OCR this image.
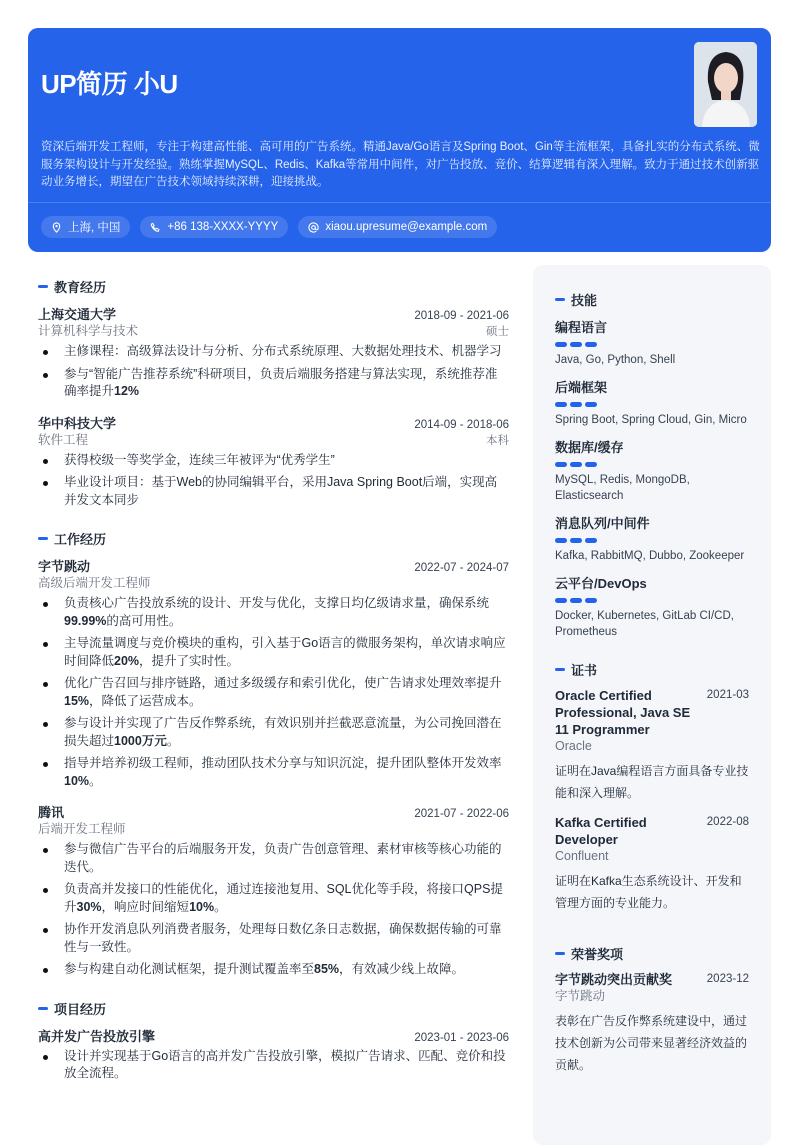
UP简历 小U
资深后端开发工程师，专注于构建高性能、高可用的广告系统。精通Java/Go语言及Spring Boot、Gin等主流框架，具备扎实的分布式系统、微服务架构设计与开发经验。熟练掌握MySQL、Redis、Kafka等常用中间件，对广告投放、竞价、结算逻辑有深入理解。致力于通过技术创新驱动业务增长，期望在广告技术领域持续深耕，迎接挑战。
上海, 中国	+86 138-XXXX-YYYY	xiaou.upresume@example.com
教育经历
上海交通大学	2018-09 - 2021-06
计算机科学与技术	硕士
主修课程：高级算法设计与分析、分布式系统原理、大数据处理技术、机器学习
参与“智能广告推荐系统”科研项目，负责后端服务搭建与算法实现，系统推荐准确率提升12%
华中科技大学	2014-09 - 2018-06
软件工程	本科
获得校级一等奖学金，连续三年被评为“优秀学生”
毕业设计项目：基于Web的协同编辑平台，采用Java Spring Boot后端，实现高并发文本同步
工作经历
字节跳动	2022-07 - 2024-07
高级后端开发工程师
负责核心广告投放系统的设计、开发与优化，支撑日均亿级请求量，确保系统99.99%的高可用性。
主导流量调度与竞价模块的重构，引入基于Go语言的微服务架构，单次请求响应时间降低20%，提升了实时性。
优化广告召回与排序链路，通过多级缓存和索引优化，使广告请求处理效率提升15%，降低了运营成本。
参与设计并实现了广告反作弊系统，有效识别并拦截恶意流量，为公司挽回潜在损失超过1000万元。
指导并培养初级工程师，推动团队技术分享与知识沉淀，提升团队整体开发效率10%。
腾讯	2021-07 - 2022-06
后端开发工程师
参与微信广告平台的后端服务开发，负责广告创意管理、素材审核等核心功能的迭代。
负责高并发接口的性能优化，通过连接池复用、SQL优化等手段，将接口QPS提升30%，响应时间缩短10%。
协作开发消息队列消费者服务，处理每日数亿条日志数据，确保数据传输的可靠性与一致性。
参与构建自动化测试框架，提升测试覆盖率至85%，有效减少线上故障。
项目经历
高并发广告投放引擎	2023-01 - 2023-06
设计并实现基于Go语言的高并发广告投放引擎，模拟广告请求、匹配、竞价和投放全流程。
技能
编程语言
Java, Go, Python, Shell
后端框架
Spring Boot, Spring Cloud, Gin, Micro
数据库/缓存
MySQL, Redis, MongoDB, Elasticsearch
消息队列/中间件
Kafka, RabbitMQ, Dubbo, Zookeeper
云平台/DevOps
Docker, Kubernetes, GitLab CI/CD, Prometheus
证书
Oracle Certified Professional, Java SE 11 Programmer
2021-03
Oracle
证明在Java编程语言方面具备专业技能和深入理解。
Kafka Certified Developer
2022-08
Confluent
证明在Kafka生态系统设计、开发和管理方面的专业能力。
荣誉奖项
字节跳动突出贡献奖	2023-12
字节跳动
表彰在广告反作弊系统建设中，通过技术创新为公司带来显著经济效益的贡献。
